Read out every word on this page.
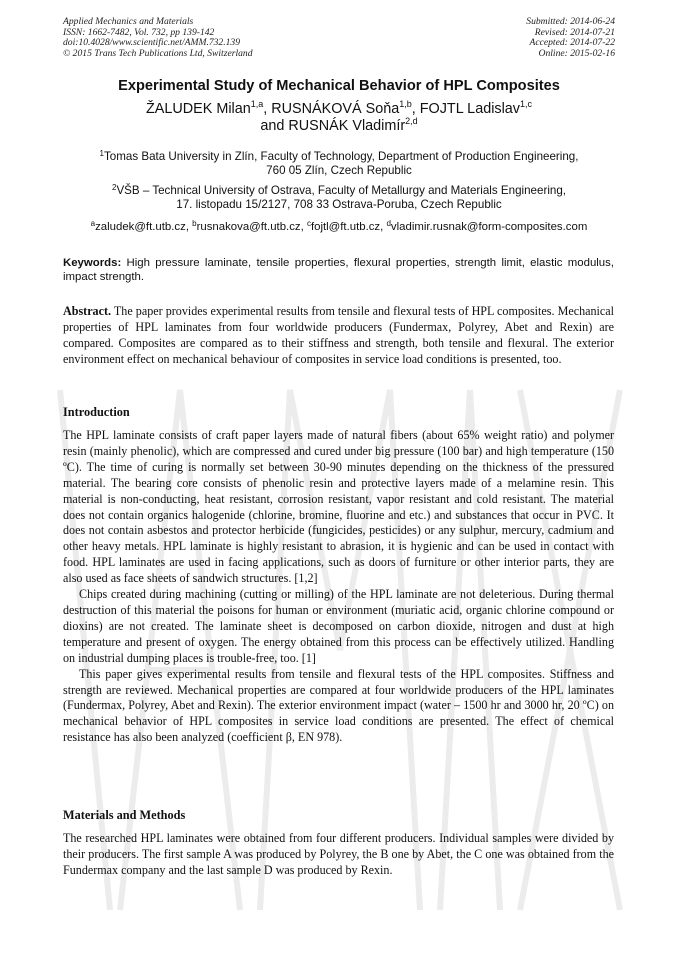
Applied Mechanics and Materials
ISSN: 1662-7482, Vol. 732, pp 139-142
doi:10.4028/www.scientific.net/AMM.732.139
© 2015 Trans Tech Publications Ltd, Switzerland
Submitted: 2014-06-24
Revised: 2014-07-21
Accepted: 2014-07-22
Online: 2015-02-16
Experimental Study of Mechanical Behavior of HPL Composites
ŽALUDEK Milan$^{1,a}$, RUSNÁKOVÁ Soňa$^{1,b}$, FOJTL Ladislav$^{1,c}$
and RUSNÁK Vladimír$^{2,d}$
$^1$Tomas Bata University in Zlín, Faculty of Technology, Department of Production Engineering,
760 05 Zlín, Czech Republic
$^2$VŠB – Technical University of Ostrava, Faculty of Metallurgy and Materials Engineering,
17. listopadu 15/2127, 708 33 Ostrava-Poruba, Czech Republic
$^a$zaludek@ft.utb.cz, $^b$rusnakova@ft.utb.cz, $^c$fojtl@ft.utb.cz, $^d$vladimir.rusnak@form-composites.com
Keywords: High pressure laminate, tensile properties, flexural properties, strength limit, elastic modulus, impact strength.
Abstract. The paper provides experimental results from tensile and flexural tests of HPL composites. Mechanical properties of HPL laminates from four worldwide producers (Fundermax, Polyrey, Abet and Rexin) are compared. Composites are compared as to their stiffness and strength, both tensile and flexural. The exterior environment effect on mechanical behaviour of composites in service load conditions is presented, too.
Introduction

The HPL laminate consists of craft paper layers made of natural fibers (about 65% weight ratio) and polymer resin (mainly phenolic), which are compressed and cured under big pressure (100 bar) and high temperature (150 ºC). The time of curing is normally set between 30-90 minutes depending on the thickness of the pressured material. The bearing core consists of phenolic resin and protective layers made of a melamine resin. This material is non-conducting, heat resistant, corrosion resistant, vapor resistant and cold resistant. The material does not contain organics halogenide (chlorine, bromine, fluorine and etc.) and substances that occur in PVC. It does not contain asbestos and protector herbicide (fungicides, pesticides) or any sulphur, mercury, cadmium and other heavy metals. HPL laminate is highly resistant to abrasion, it is hygienic and can be used in contact with food. HPL laminates are used in facing applications, such as doors of furniture or other interior parts, they are also used as face sheets of sandwich structures. [1,2]

Chips created during machining (cutting or milling) of the HPL laminate are not deleterious. During thermal destruction of this material the poisons for human or environment (muriatic acid, organic chlorine compound or dioxins) are not created. The laminate sheet is decomposed on carbon dioxide, nitrogen and dust at high temperature and present of oxygen. The energy obtained from this process can be effectively utilized. Handling on industrial dumping places is trouble-free, too. [1]

This paper gives experimental results from tensile and flexural tests of the HPL composites. Stiffness and strength are reviewed. Mechanical properties are compared at four worldwide producers of the HPL laminates (Fundermax, Polyrey, Abet and Rexin). The exterior environment impact (water – 1500 hr and 3000 hr, 20 ºC) on mechanical behavior of HPL composites in service load conditions are presented. The effect of chemical resistance has also been analyzed (coefficient β, EN 978).

Materials and Methods

The researched HPL laminates were obtained from four different producers. Individual samples were divided by their producers. The first sample A was produced by Polyrey, the B one by Abet, the C one was obtained from the Fundermax company and the last sample D was produced by Rexin.
